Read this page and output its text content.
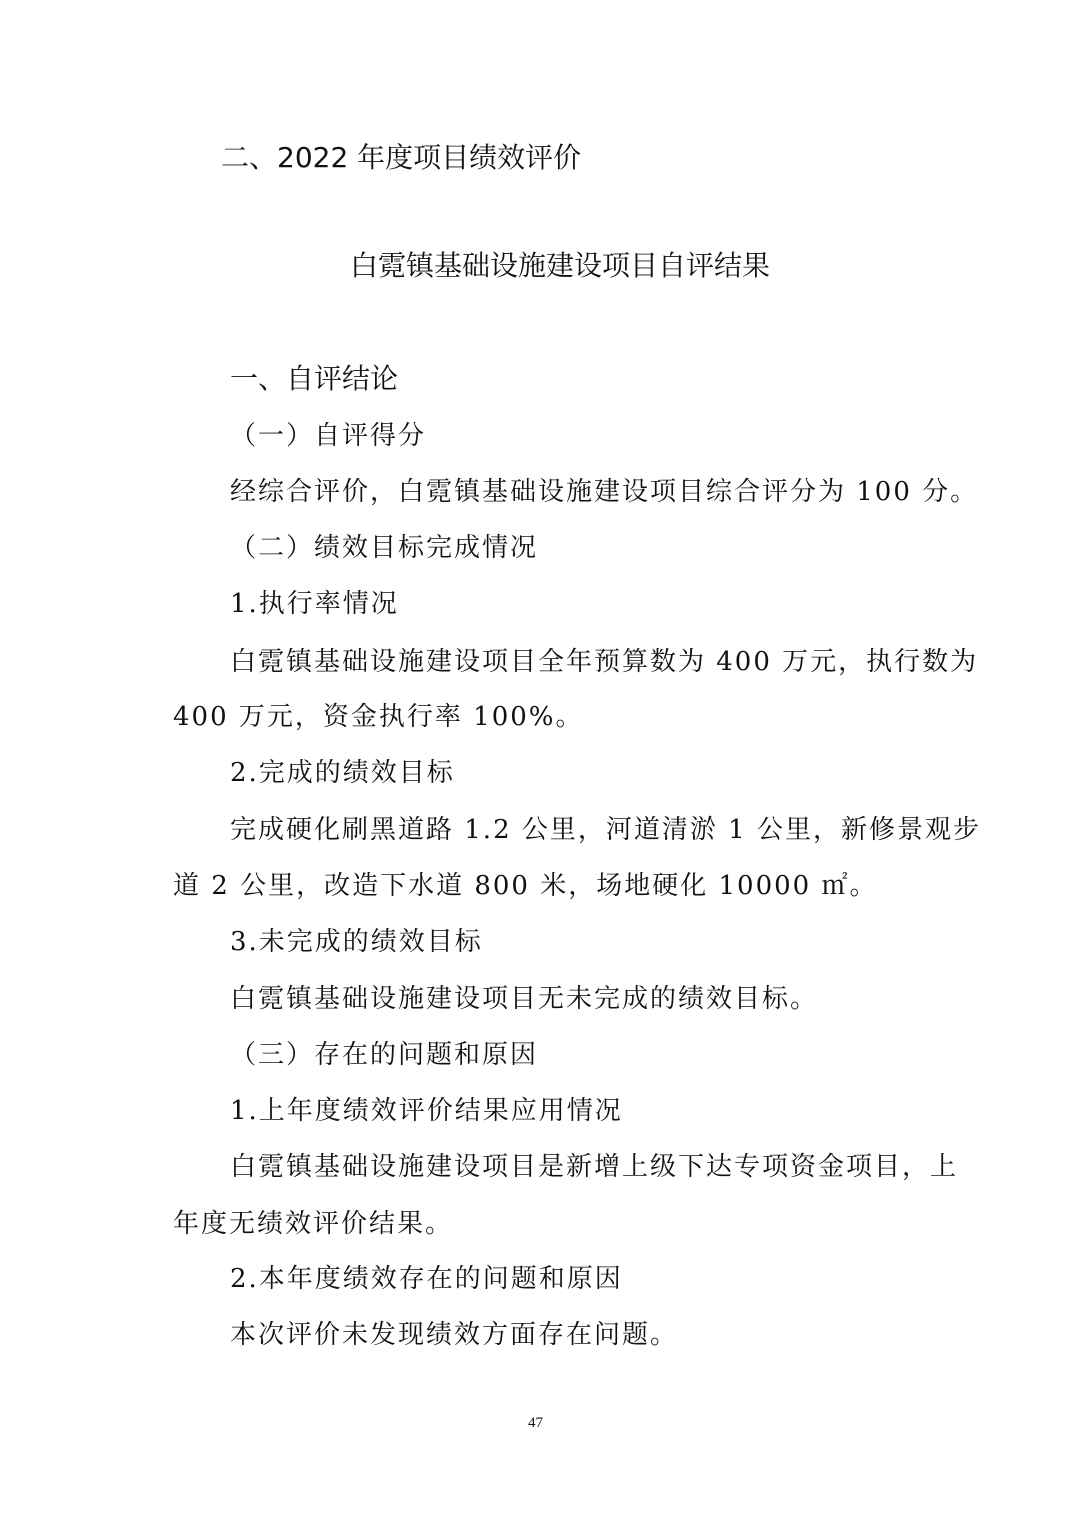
二、2022 年度项目绩效评价
白霓镇基础设施建设项目自评结果
一、自评结论
（一）自评得分
经综合评价，白霓镇基础设施建设项目综合评分为 100 分。
（二）绩效目标完成情况
1.执行率情况
白霓镇基础设施建设项目全年预算数为 400 万元，执行数为
400 万元，资金执行率 100%。
2.完成的绩效目标
完成硬化刷黑道路 1.2 公里，河道清淤 1 公里，新修景观步
道 2 公里，改造下水道 800 米，场地硬化 10000 ㎡。
3.未完成的绩效目标
白霓镇基础设施建设项目无未完成的绩效目标。
（三）存在的问题和原因
1.上年度绩效评价结果应用情况
白霓镇基础设施建设项目是新增上级下达专项资金项目，上
年度无绩效评价结果。
2.本年度绩效存在的问题和原因
本次评价未发现绩效方面存在问题。
47
